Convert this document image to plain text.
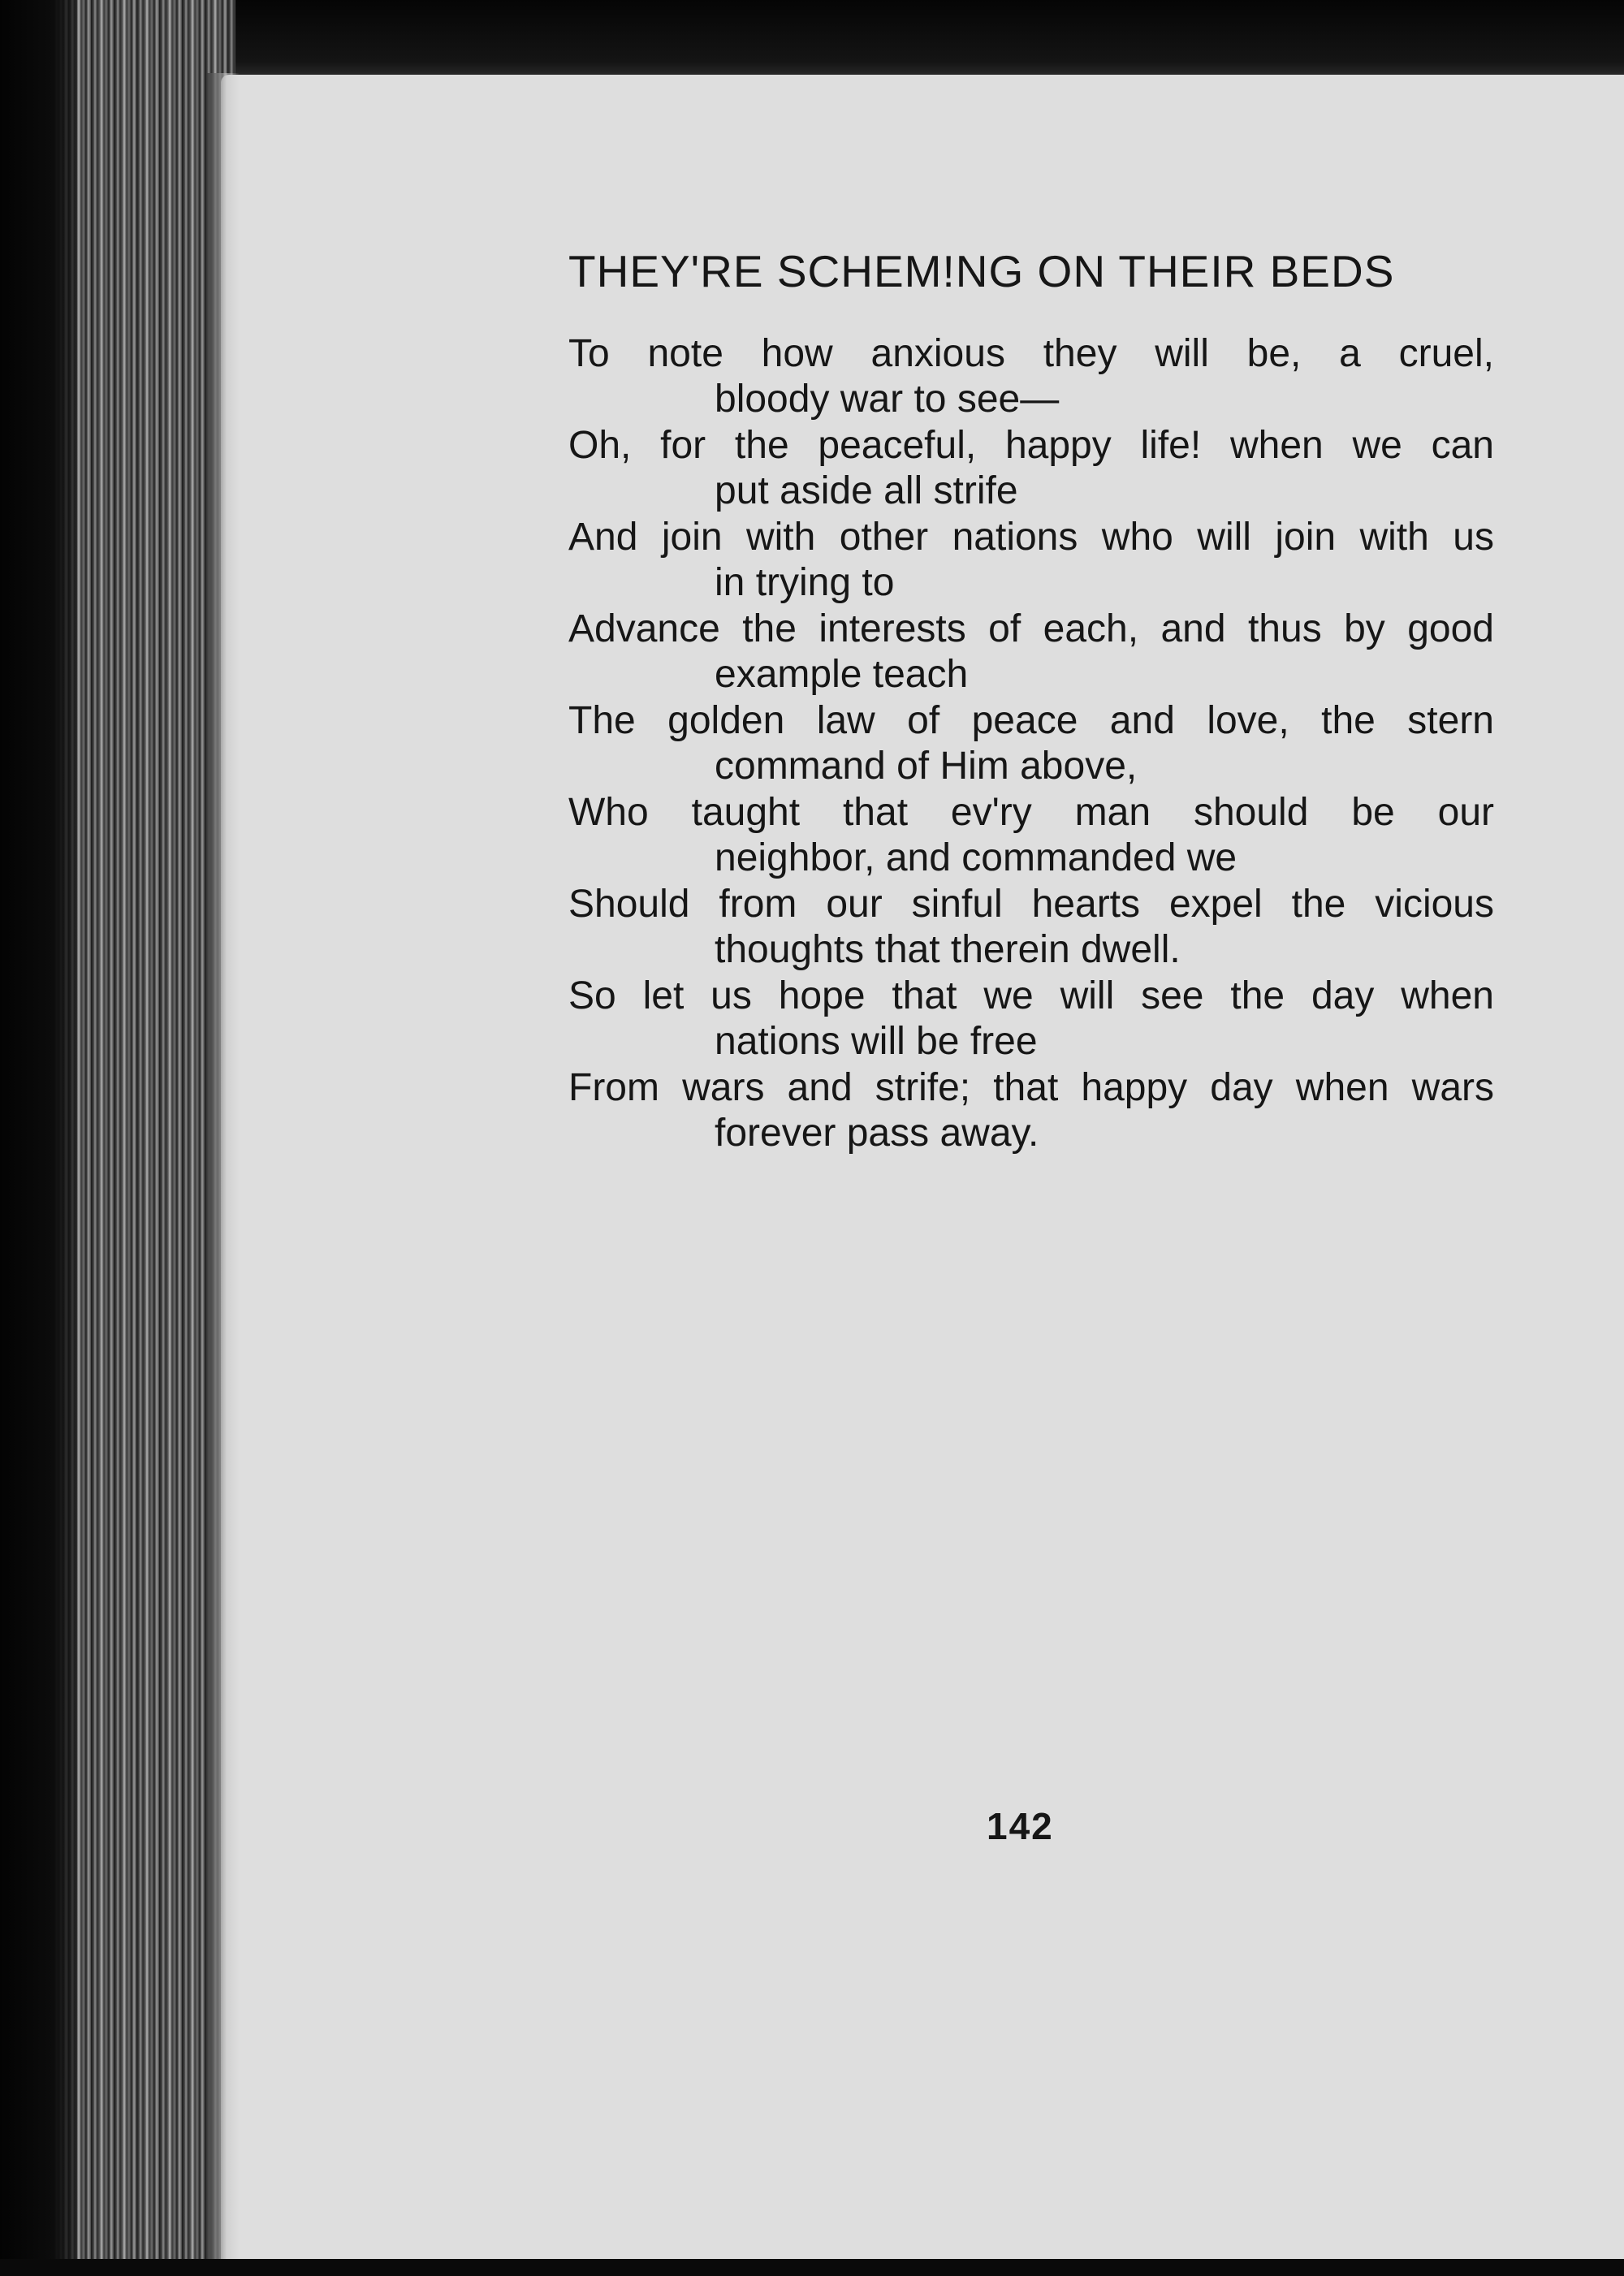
THEY'RE SCHEM!NG ON THEIR BEDS
To note how anxious they will be, a cruel,
bloody war to see—
Oh, for the peaceful, happy life! when we can
put aside all strife
And join with other nations who will join with us
in trying to
Advance the interests of each, and thus by good
example teach
The golden law of peace and love, the stern
command of Him above,
Who taught that ev'ry man should be our
neighbor, and commanded we
Should from our sinful hearts expel the vicious
thoughts that therein dwell.
So let us hope that we will see the day when
nations will be free
From wars and strife; that happy day when wars
forever pass away.
142
